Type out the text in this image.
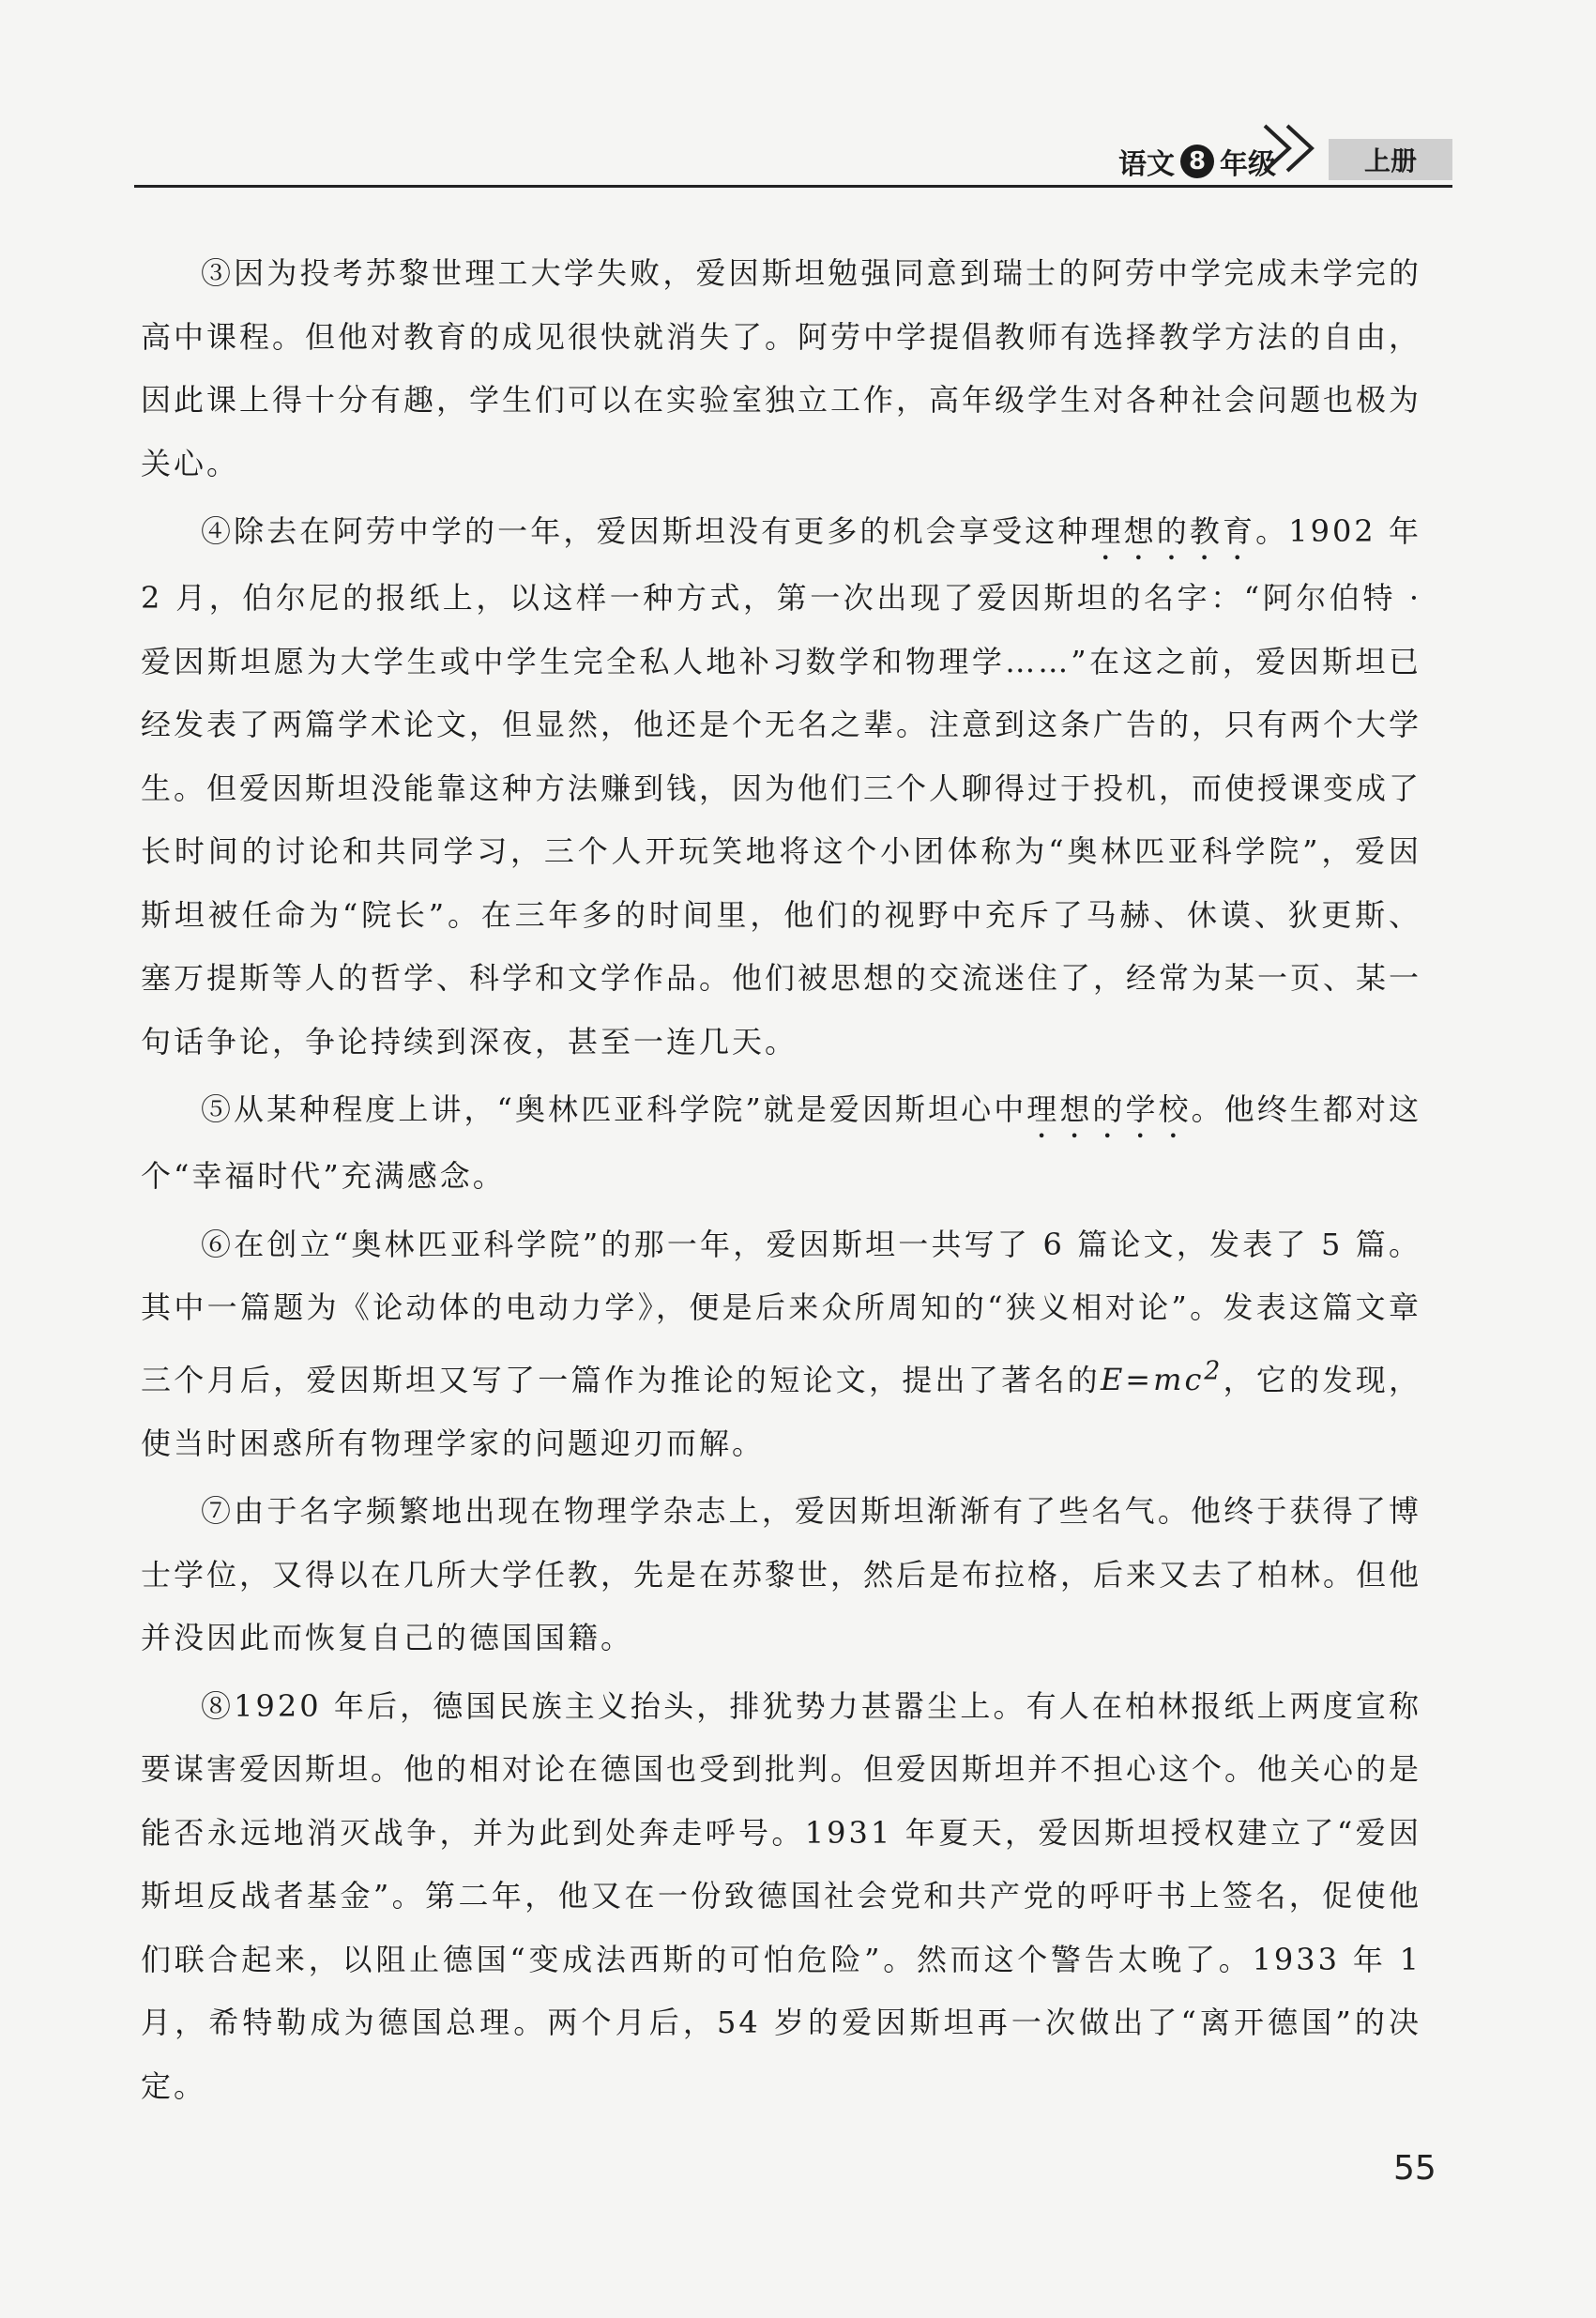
语文 8 年级	上册

③因为投考苏黎世理工大学失败，爱因斯坦勉强同意到瑞士的阿劳中学完成未学完的高中课程。但他对教育的成见很快就消失了。阿劳中学提倡教师有选择教学方法的自由，因此课上得十分有趣，学生们可以在实验室独立工作，高年级学生对各种社会问题也极为关心。

④除去在阿劳中学的一年，爱因斯坦没有更多的机会享受这种理想的教育。1902 年 2 月，伯尔尼的报纸上，以这样一种方式，第一次出现了爱因斯坦的名字：“阿尔伯特 · 爱因斯坦愿为大学生或中学生完全私人地补习数学和物理学……”在这之前，爱因斯坦已经发表了两篇学术论文，但显然，他还是个无名之辈。注意到这条广告的，只有两个大学生。但爱因斯坦没能靠这种方法赚到钱，因为他们三个人聊得过于投机，而使授课变成了长时间的讨论和共同学习，三个人开玩笑地将这个小团体称为“奥林匹亚科学院”，爱因斯坦被任命为“院长”。在三年多的时间里，他们的视野中充斥了马赫、休谟、狄更斯、塞万提斯等人的哲学、科学和文学作品。他们被思想的交流迷住了，经常为某一页、某一句话争论，争论持续到深夜，甚至一连几天。

⑤从某种程度上讲，“奥林匹亚科学院”就是爱因斯坦心中理想的学校。他终生都对这个“幸福时代”充满感念。

⑥在创立“奥林匹亚科学院”的那一年，爱因斯坦一共写了 6 篇论文，发表了 5 篇。其中一篇题为《论动体的电动力学》，便是后来众所周知的“狭义相对论”。发表这篇文章三个月后，爱因斯坦又写了一篇作为推论的短论文，提出了著名的$E=mc^2$，它的发现，使当时困惑所有物理学家的问题迎刃而解。

⑦由于名字频繁地出现在物理学杂志上，爱因斯坦渐渐有了些名气。他终于获得了博士学位，又得以在几所大学任教，先是在苏黎世，然后是布拉格，后来又去了柏林。但他并没因此而恢复自己的德国国籍。

⑧1920 年后，德国民族主义抬头，排犹势力甚嚣尘上。有人在柏林报纸上两度宣称要谋害爱因斯坦。他的相对论在德国也受到批判。但爱因斯坦并不担心这个。他关心的是能否永远地消灭战争，并为此到处奔走呼号。1931 年夏天，爱因斯坦授权建立了“爱因斯坦反战者基金”。第二年，他又在一份致德国社会党和共产党的呼吁书上签名，促使他们联合起来，以阻止德国“变成法西斯的可怕危险”。然而这个警告太晚了。1933 年 1 月，希特勒成为德国总理。两个月后，54 岁的爱因斯坦再一次做出了“离开德国”的决定。

55
